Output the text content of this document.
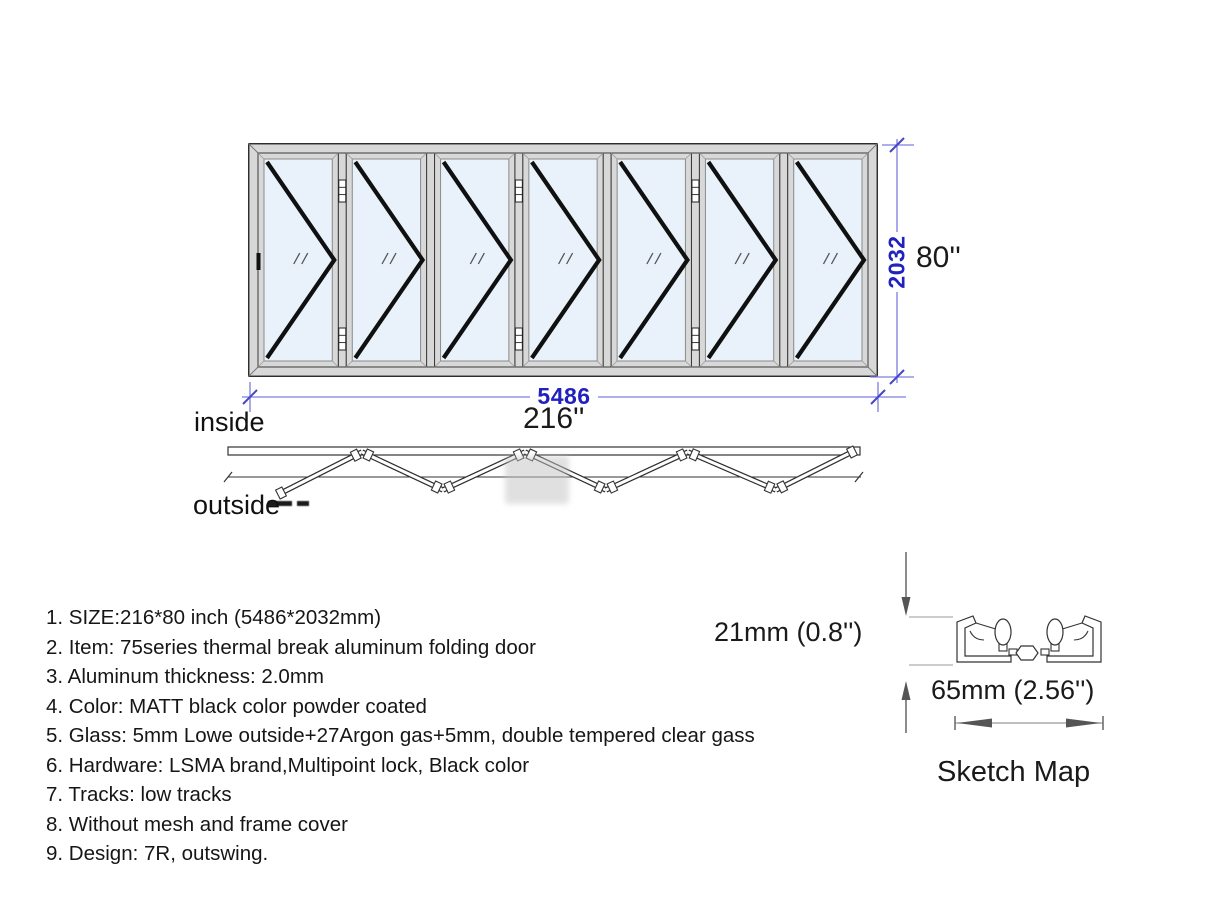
5486
216''
2032 80''
inside
outside
1. SIZE:216*80 inch (5486*2032mm)
2. Item: 75series thermal break aluminum folding door
3. Aluminum thickness: 2.0mm
4. Color: MATT black color powder coated
5. Glass: 5mm Lowe outside+27Argon gas+5mm, double tempered clear gass
6. Hardware: LSMA brand,Multipoint lock, Black color
7. Tracks: low tracks
8. Without mesh and frame cover
9. Design: 7R, outswing.
21mm (0.8'')
65mm (2.56'')
Sketch Map
